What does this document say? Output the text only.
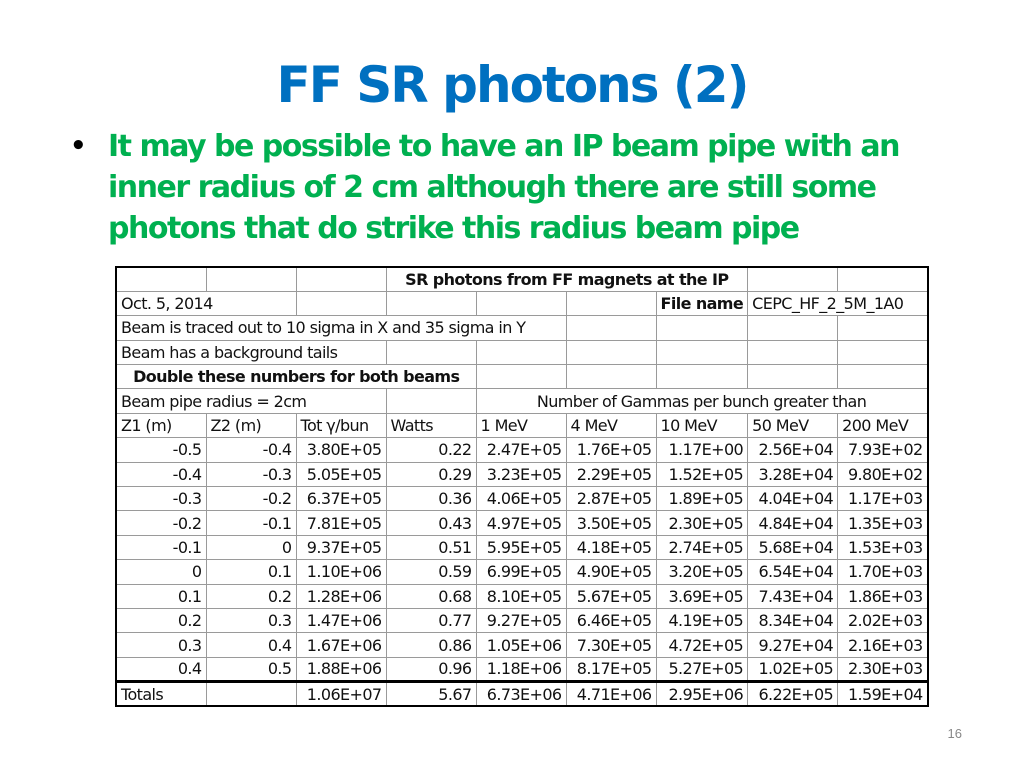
FF SR photons (2)
• It may be possible to have an IP beam pipe with an inner radius of 2 cm although there are still some photons that do strike this radius beam pipe
			SR photons from FF magnets at the IP					
Oct. 5, 2014						File name	CEPC_HF_2_5M_1A0	
Beam is traced out to 10 sigma in X and 35 sigma in Y								
Beam has a background tails								
Double these numbers for both beams								
Beam pipe radius = 2cm				Number of Gammas per bunch greater than				
Z1 (m)	Z2 (m)	Tot γ/bun	Watts	1 MeV	4 MeV	10 MeV	50 MeV	200 MeV
-0.5	-0.4	3.80E+05	0.22	2.47E+05	1.76E+05	1.17E+00	2.56E+04	7.93E+02
-0.4	-0.3	5.05E+05	0.29	3.23E+05	2.29E+05	1.52E+05	3.28E+04	9.80E+02
-0.3	-0.2	6.37E+05	0.36	4.06E+05	2.87E+05	1.89E+05	4.04E+04	1.17E+03
-0.2	-0.1	7.81E+05	0.43	4.97E+05	3.50E+05	2.30E+05	4.84E+04	1.35E+03
-0.1	0	9.37E+05	0.51	5.95E+05	4.18E+05	2.74E+05	5.68E+04	1.53E+03
0	0.1	1.10E+06	0.59	6.99E+05	4.90E+05	3.20E+05	6.54E+04	1.70E+03
0.1	0.2	1.28E+06	0.68	8.10E+05	5.67E+05	3.69E+05	7.43E+04	1.86E+03
0.2	0.3	1.47E+06	0.77	9.27E+05	6.46E+05	4.19E+05	8.34E+04	2.02E+03
0.3	0.4	1.67E+06	0.86	1.05E+06	7.30E+05	4.72E+05	9.27E+04	2.16E+03
0.4	0.5	1.88E+06	0.96	1.18E+06	8.17E+05	5.27E+05	1.02E+05	2.30E+03
Totals		1.06E+07	5.67	6.73E+06	4.71E+06	2.95E+06	6.22E+05	1.59E+04
16
